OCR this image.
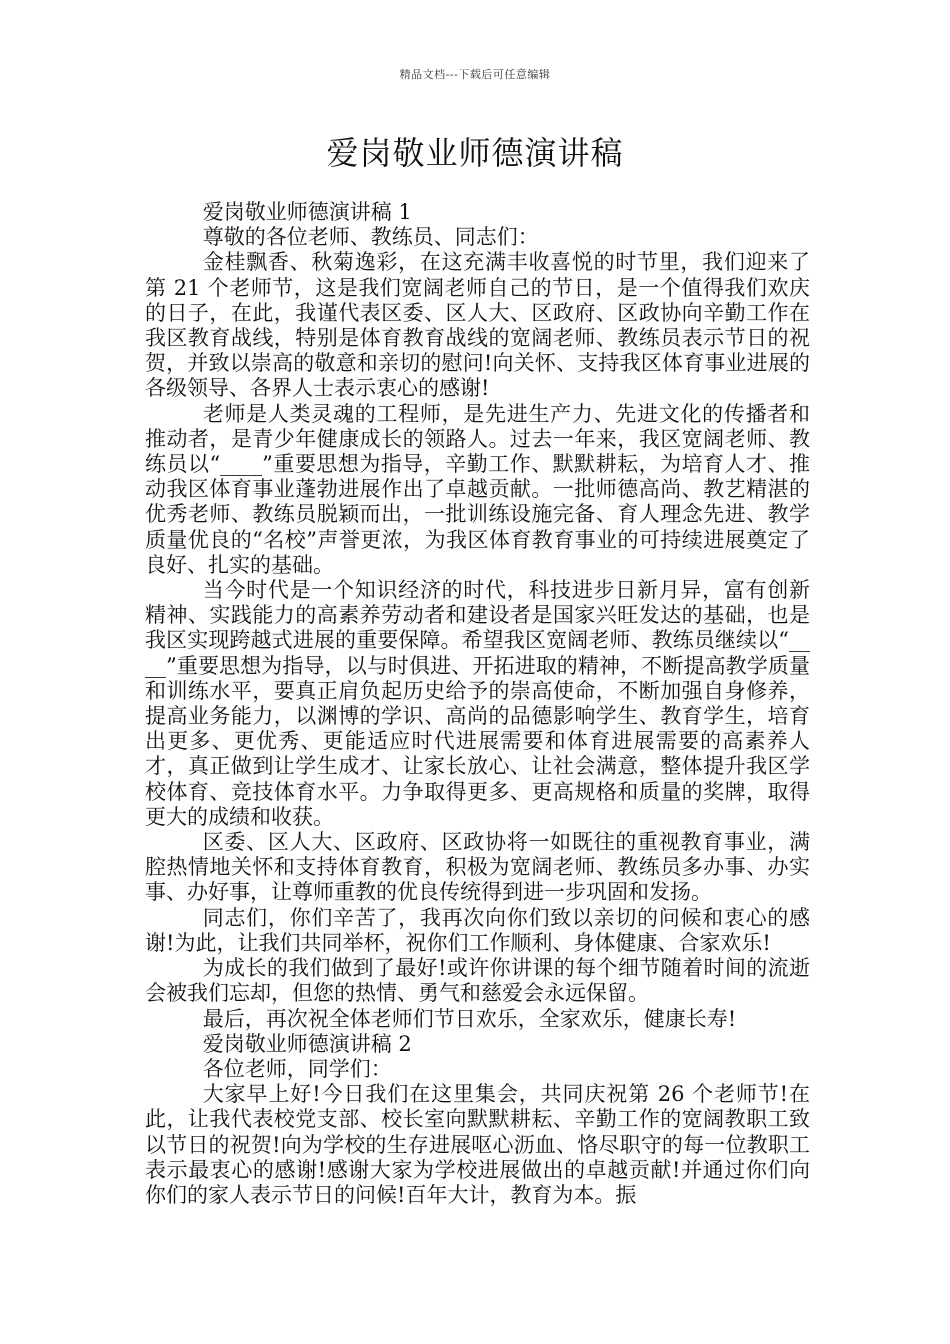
精品文档---下载后可任意编辑
爱岗敬业师德演讲稿

爱岗敬业师德演讲稿 1

尊敬的各位老师、教练员、同志们：

金桂飘香、秋菊逸彩，在这充满丰收喜悦的时节里，我们迎来了第 21 个老师节，这是我们宽阔老师自己的节日，是一个值得我们欢庆的日子，在此，我谨代表区委、区人大、区政府、区政协向辛勤工作在我区教育战线，特别是体育教育战线的宽阔老师、教练员表示节日的祝贺，并致以崇高的敬意和亲切的慰问!向关怀、支持我区体育事业进展的各级领导、各界人士表示衷心的感谢!

老师是人类灵魂的工程师，是先进生产力、先进文化的传播者和推动者，是青少年健康成长的领路人。过去一年来，我区宽阔老师、教练员以“____”重要思想为指导，辛勤工作、默默耕耘，为培育人才、推动我区体育事业蓬勃进展作出了卓越贡献。一批师德高尚、教艺精湛的优秀老师、教练员脱颖而出，一批训练设施完备、育人理念先进、教学质量优良的“名校”声誉更浓，为我区体育教育事业的可持续进展奠定了良好、扎实的基础。

当今时代是一个知识经济的时代，科技进步日新月异，富有创新精神、实践能力的高素养劳动者和建设者是国家兴旺发达的基础，也是我区实现跨越式进展的重要保障。希望我区宽阔老师、教练员继续以“____”重要思想为指导，以与时俱进、开拓进取的精神，不断提高教学质量和训练水平，要真正肩负起历史给予的崇高使命，不断加强自身修养，提高业务能力，以渊博的学识、高尚的品德影响学生、教育学生，培育出更多、更优秀、更能适应时代进展需要和体育进展需要的高素养人才，真正做到让学生成才、让家长放心、让社会满意，整体提升我区学校体育、竞技体育水平。力争取得更多、更高规格和质量的奖牌，取得更大的成绩和收获。

区委、区人大、区政府、区政协将一如既往的重视教育事业，满腔热情地关怀和支持体育教育，积极为宽阔老师、教练员多办事、办实事、办好事，让尊师重教的优良传统得到进一步巩固和发扬。

同志们，你们辛苦了，我再次向你们致以亲切的问候和衷心的感谢!为此，让我们共同举杯，祝你们工作顺利、身体健康、合家欢乐!

为成长的我们做到了最好!或许你讲课的每个细节随着时间的流逝会被我们忘却，但您的热情、勇气和慈爱会永远保留。

最后，再次祝全体老师们节日欢乐，全家欢乐，健康长寿!

爱岗敬业师德演讲稿 2

各位老师，同学们：

大家早上好!今日我们在这里集会，共同庆祝第 26 个老师节!在此，让我代表校党支部、校长室向默默耕耘、辛勤工作的宽阔教职工致以节日的祝贺!向为学校的生存进展呕心沥血、恪尽职守的每一位教职工表示最衷心的感谢!感谢大家为学校进展做出的卓越贡献!并通过你们向你们的家人表示节日的问候!百年大计，教育为本。振
